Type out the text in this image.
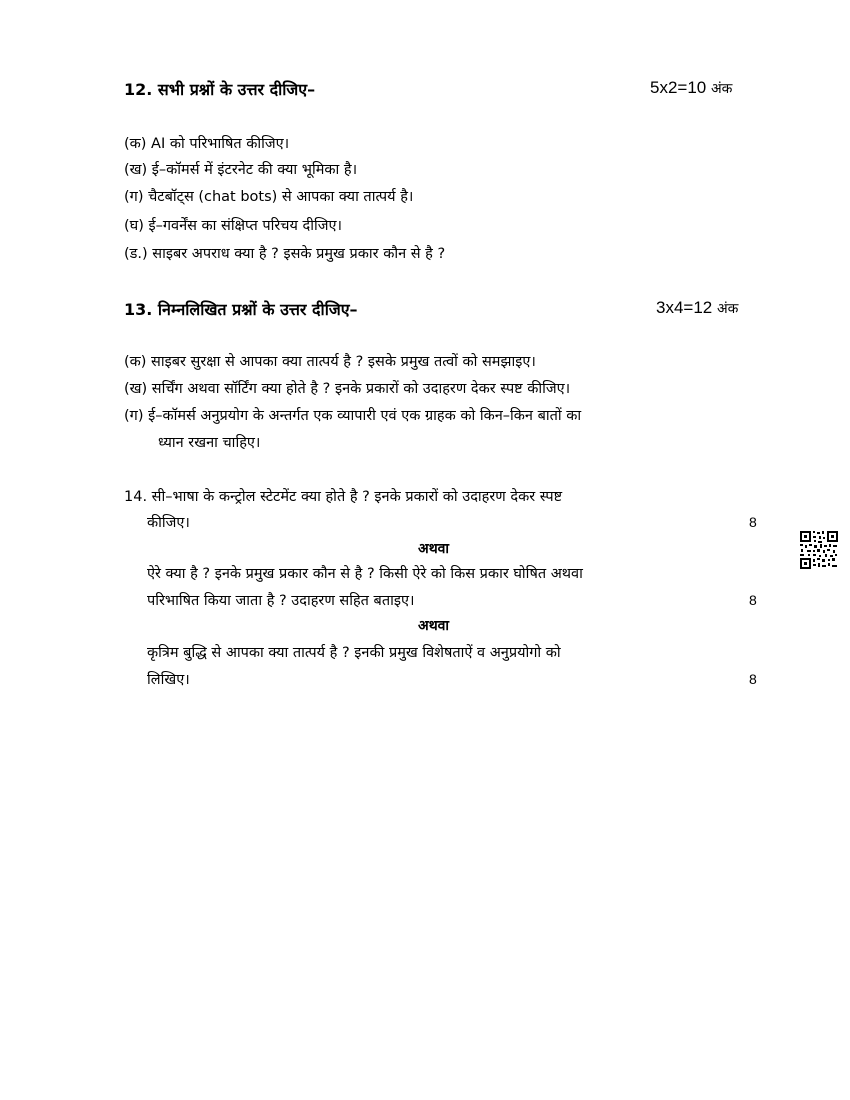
12. सभी प्रश्नों के उत्तर दीजिए–	5x2=10 अंक
(क) AI को परिभाषित कीजिए।
(ख) ई–कॉमर्स में इंटरनेट की क्या भूमिका है।
(ग) चैटबॉट्स (chat bots) से आपका क्या तात्पर्य है।
(घ) ई–गवर्नेंस का संक्षिप्त परिचय दीजिए।
(ड.) साइबर अपराध क्या है ? इसके प्रमुख प्रकार कौन से है ?
13. निम्नलिखित प्रश्नों के उत्तर दीजिए–	3x4=12 अंक
(क) साइबर सुरक्षा से आपका क्या तात्पर्य है ? इसके प्रमुख तत्वों को समझाइए।
(ख) सर्चिंग अथवा सॉर्टिंग क्या होते है ? इनके प्रकारों को उदाहरण देकर स्पष्ट कीजिए।
(ग) ई–कॉमर्स अनुप्रयोग के अन्तर्गत एक व्यापारी एवं एक ग्राहक को किन–किन बातों का
ध्यान रखना चाहिए।
14. सी–भाषा के कन्ट्रोल स्टेटमेंट क्या होते है ? इनके प्रकारों को उदाहरण देकर स्पष्ट
कीजिए।	8
अथवा
ऐरे क्या है ? इनके प्रमुख प्रकार कौन से है ? किसी ऐरे को किस प्रकार घोषित अथवा
परिभाषित किया जाता है ? उदाहरण सहित बताइए।	8
अथवा
कृत्रिम बुद्धि से आपका क्या तात्पर्य है ? इनकी प्रमुख विशेषताऐं व अनुप्रयोगो को
लिखिए।	8
